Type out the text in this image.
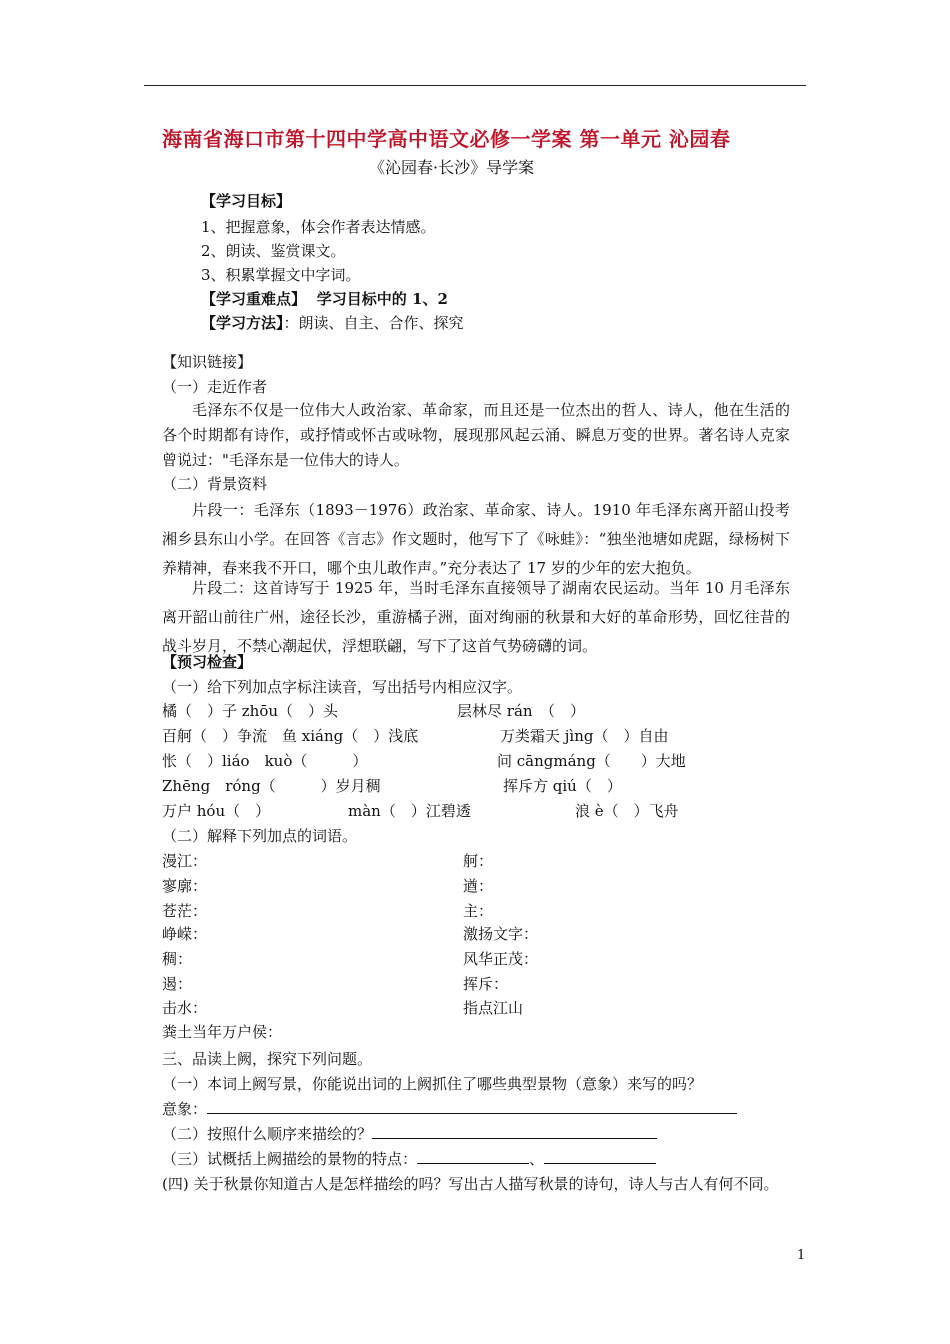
海南省海口市第十四中学高中语文必修一学案 第一单元 沁园春
《沁园春·长沙》导学案
【学习目标】
1、把握意象，体会作者表达情感。
2、朗读、鉴赏课文。
3、积累掌握文中字词。
【学习重难点】 学习目标中的 1、2
【学习方法】：朗读、自主、合作、探究
【知识链接】
（一）走近作者
毛泽东不仅是一位伟大人政治家、革命家，而且还是一位杰出的哲人、诗人，他在生活的各个时期都有诗作，或抒情或怀古或咏物，展现那风起云涌、瞬息万变的世界。著名诗人克家曾说过："毛泽东是一位伟大的诗人。
（二）背景资料
片段一：毛泽东（1893－1976）政治家、革命家、诗人。1910 年毛泽东离开韶山投考湘乡县东山小学。在回答《言志》作文题时，他写下了《咏蛙》：“独坐池塘如虎踞，绿杨树下养精神，春来我不开口，哪个虫儿敢作声。”充分表达了 17 岁的少年的宏大抱负。
片段二：这首诗写于 1925 年，当时毛泽东直接领导了湖南农民运动。当年 10 月毛泽东离开韶山前往广州，途径长沙，重游橘子洲，面对绚丽的秋景和大好的革命形势，回忆往昔的战斗岁月，不禁心潮起伏，浮想联翩，写下了这首气势磅礴的词。
【预习检查】
（一）给下列加点字标注读音，写出括号内相应汉字。
橘（　）子 zhōu（　）头	层林尽 rán　（　）
百舸（　）争流　鱼 xiáng（　）浅底	万类霜天 jìng（　）自由
怅（　）liáo　kuò（　　　）	问 cāngmáng（　　）大地
Zhēng　róng（　　　）岁月稠	挥斥方 qiú（　）
万户 hóu（　）	màn（　）江碧透	浪 è（　）飞舟
（二）解释下列加点的词语。
漫江：	舸：
寥廓：	遒：
苍茫：	主：
峥嵘：	激扬文字：
稠：	风华正茂：
遏：	挥斥：
击水：	指点江山
粪土当年万户侯：
三、品读上阙，探究下列问题。
（一）本词上阙写景，你能说出词的上阙抓住了哪些典型景物（意象）来写的吗？
意象：
（二）按照什么顺序来描绘的？
（三）试概括上阙描绘的景物的特点：	、
(四) 关于秋景你知道古人是怎样描绘的吗？写出古人描写秋景的诗句，诗人与古人有何不同。
1
